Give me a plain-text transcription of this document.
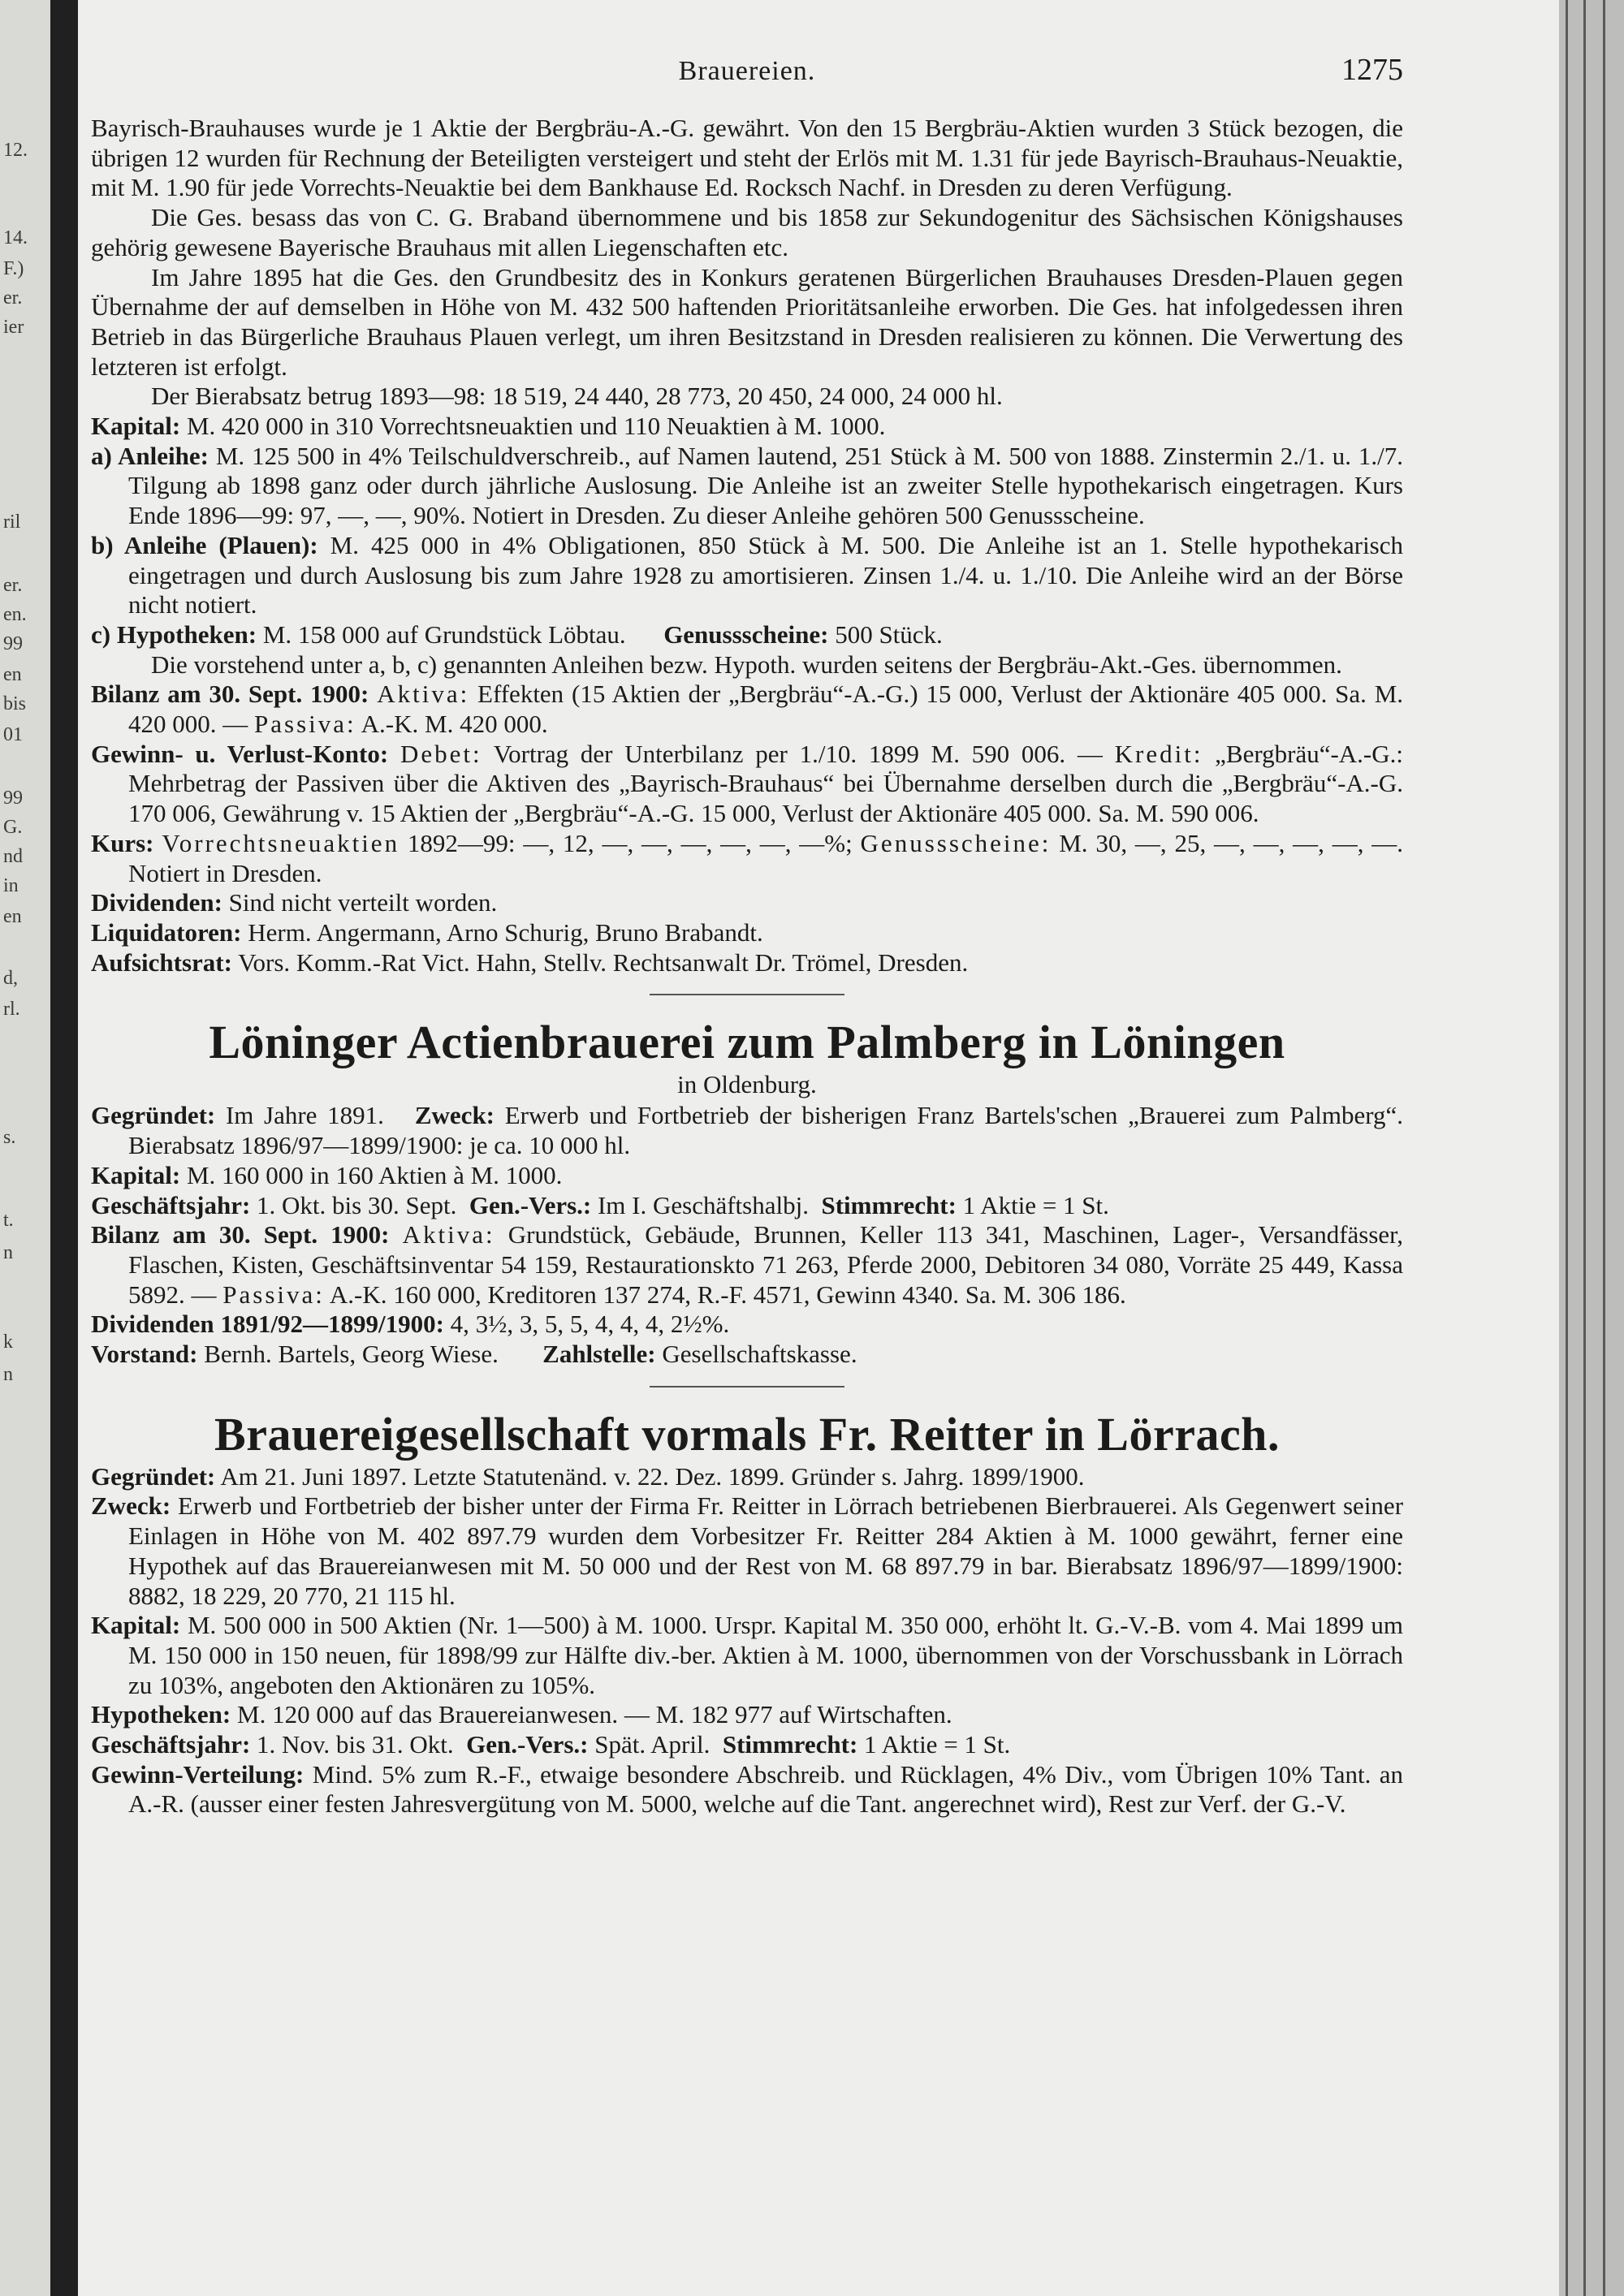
12.
14.
F.)
er.
ier
ril
er.
en.
99
en
bis
01
99
G.
nd
in
en
d,
rl.
t.
n
k
n
s.
Brauereien.	1275

Bayrisch-Brauhauses wurde je 1 Aktie der Bergbräu-A.-G. gewährt. Von den 15 Bergbräu-Aktien wurden 3 Stück bezogen, die übrigen 12 wurden für Rechnung der Beteiligten versteigert und steht der Erlös mit M. 1.31 für jede Bayrisch-Brauhaus-Neuaktie, mit M. 1.90 für jede Vorrechts-Neuaktie bei dem Bankhause Ed. Rocksch Nachf. in Dresden zu deren Verfügung.

Die Ges. besass das von C. G. Braband übernommene und bis 1858 zur Sekundogenitur des Sächsischen Königshauses gehörig gewesene Bayerische Brauhaus mit allen Liegenschaften etc.

Im Jahre 1895 hat die Ges. den Grundbesitz des in Konkurs geratenen Bürgerlichen Brauhauses Dresden-Plauen gegen Übernahme der auf demselben in Höhe von M. 432 500 haftenden Prioritätsanleihe erworben. Die Ges. hat infolgedessen ihren Betrieb in das Bürgerliche Brauhaus Plauen verlegt, um ihren Besitzstand in Dresden realisieren zu können. Die Verwertung des letzteren ist erfolgt.

Der Bierabsatz betrug 1893—98: 18 519, 24 440, 28 773, 20 450, 24 000, 24 000 hl.

Kapital: M. 420 000 in 310 Vorrechtsneuaktien und 110 Neuaktien à M. 1000.

a) Anleihe: M. 125 500 in 4% Teilschuldverschreib., auf Namen lautend, 251 Stück à M. 500 von 1888. Zinstermin 2./1. u. 1./7. Tilgung ab 1898 ganz oder durch jährliche Auslosung. Die Anleihe ist an zweiter Stelle hypothekarisch eingetragen. Kurs Ende 1896—99: 97, —, —, 90%. Notiert in Dresden. Zu dieser Anleihe gehören 500 Genussscheine.

b) Anleihe (Plauen): M. 425 000 in 4% Obligationen, 850 Stück à M. 500. Die Anleihe ist an 1. Stelle hypothekarisch eingetragen und durch Auslosung bis zum Jahre 1928 zu amortisieren. Zinsen 1./4. u. 1./10. Die Anleihe wird an der Börse nicht notiert.

c) Hypotheken: M. 158 000 auf Grundstück Löbtau. Genussscheine: 500 Stück.

Die vorstehend unter a, b, c) genannten Anleihen bezw. Hypoth. wurden seitens der Bergbräu-Akt.-Ges. übernommen.

Bilanz am 30. Sept. 1900: Aktiva: Effekten (15 Aktien der „Bergbräu“-A.-G.) 15 000, Verlust der Aktionäre 405 000. Sa. M. 420 000. — Passiva: A.-K. M. 420 000.

Gewinn- u. Verlust-Konto: Debet: Vortrag der Unterbilanz per 1./10. 1899 M. 590 006. — Kredit: „Bergbräu“-A.-G.: Mehrbetrag der Passiven über die Aktiven des „Bayrisch-Brauhaus“ bei Übernahme derselben durch die „Bergbräu“-A.-G. 170 006, Gewährung v. 15 Aktien der „Bergbräu“-A.-G. 15 000, Verlust der Aktionäre 405 000. Sa. M. 590 006.

Kurs: Vorrechtsneuaktien 1892—99: —, 12, —, —, —, —, —, —%; Genussscheine: M. 30, —, 25, —, —, —, —, —. Notiert in Dresden.

Dividenden: Sind nicht verteilt worden.

Liquidatoren: Herm. Angermann, Arno Schurig, Bruno Brabandt.

Aufsichtsrat: Vors. Komm.-Rat Vict. Hahn, Stellv. Rechtsanwalt Dr. Trömel, Dresden.

Löninger Actienbrauerei zum Palmberg in Löningen
in Oldenburg.

Gegründet: Im Jahre 1891. Zweck: Erwerb und Fortbetrieb der bisherigen Franz Bartels'schen „Brauerei zum Palmberg“. Bierabsatz 1896/97—1899/1900: je ca. 10 000 hl.

Kapital: M. 160 000 in 160 Aktien à M. 1000.

Geschäftsjahr: 1. Okt. bis 30. Sept. Gen.-Vers.: Im I. Geschäftshalbj. Stimmrecht: 1 Aktie = 1 St.

Bilanz am 30. Sept. 1900: Aktiva: Grundstück, Gebäude, Brunnen, Keller 113 341, Maschinen, Lager-, Versandfässer, Flaschen, Kisten, Geschäftsinventar 54 159, Restaurationskto 71 263, Pferde 2000, Debitoren 34 080, Vorräte 25 449, Kassa 5892. — Passiva: A.-K. 160 000, Kreditoren 137 274, R.-F. 4571, Gewinn 4340. Sa. M. 306 186.

Dividenden 1891/92—1899/1900: 4, 3½, 3, 5, 5, 4, 4, 4, 2½%.

Vorstand: Bernh. Bartels, Georg Wiese. Zahlstelle: Gesellschaftskasse.

Brauereigesellschaft vormals Fr. Reitter in Lörrach.

Gegründet: Am 21. Juni 1897. Letzte Statutenänd. v. 22. Dez. 1899. Gründer s. Jahrg. 1899/1900.

Zweck: Erwerb und Fortbetrieb der bisher unter der Firma Fr. Reitter in Lörrach betriebenen Bierbrauerei. Als Gegenwert seiner Einlagen in Höhe von M. 402 897.79 wurden dem Vorbesitzer Fr. Reitter 284 Aktien à M. 1000 gewährt, ferner eine Hypothek auf das Brauereianwesen mit M. 50 000 und der Rest von M. 68 897.79 in bar. Bierabsatz 1896/97—1899/1900: 8882, 18 229, 20 770, 21 115 hl.

Kapital: M. 500 000 in 500 Aktien (Nr. 1—500) à M. 1000. Urspr. Kapital M. 350 000, erhöht lt. G.-V.-B. vom 4. Mai 1899 um M. 150 000 in 150 neuen, für 1898/99 zur Hälfte div.-ber. Aktien à M. 1000, übernommen von der Vorschussbank in Lörrach zu 103%, angeboten den Aktionären zu 105%.

Hypotheken: M. 120 000 auf das Brauereianwesen. — M. 182 977 auf Wirtschaften.

Geschäftsjahr: 1. Nov. bis 31. Okt. Gen.-Vers.: Spät. April. Stimmrecht: 1 Aktie = 1 St.

Gewinn-Verteilung: Mind. 5% zum R.-F., etwaige besondere Abschreib. und Rücklagen, 4% Div., vom Übrigen 10% Tant. an A.-R. (ausser einer festen Jahresvergütung von M. 5000, welche auf die Tant. angerechnet wird), Rest zur Verf. der G.-V.
